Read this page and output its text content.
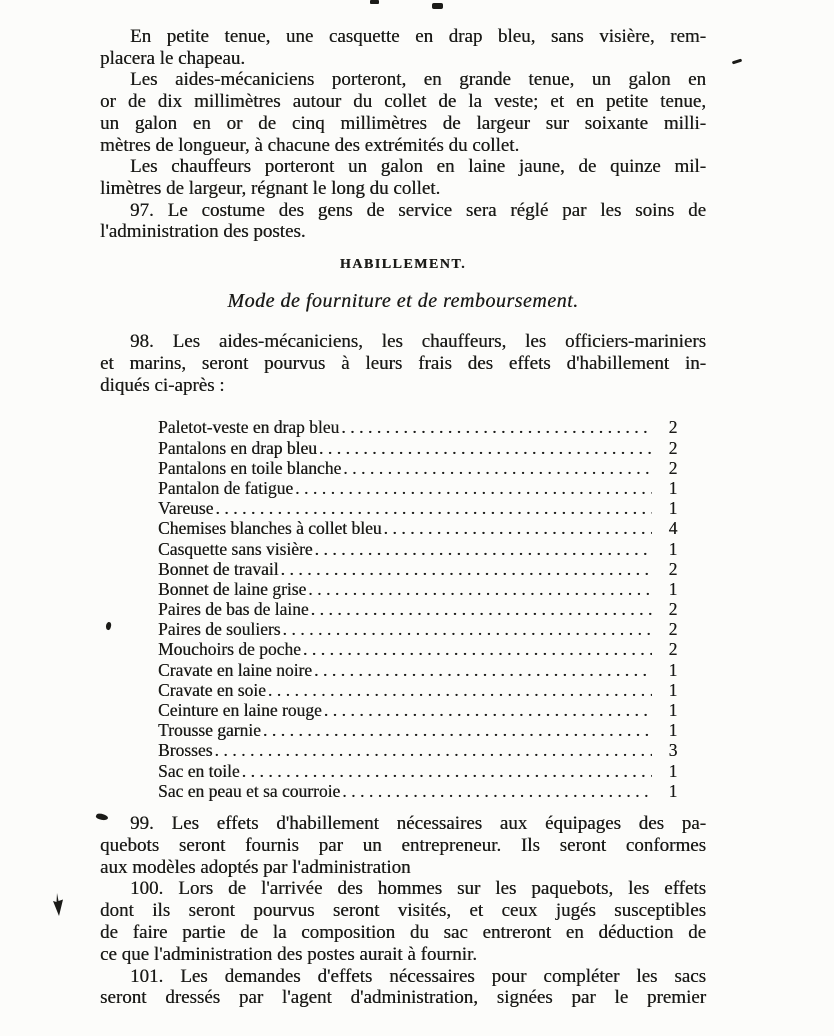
En petite tenue, une casquette en drap bleu, sans visière, rem-
placera le chapeau.
Les aides-mécaniciens porteront, en grande tenue, un galon en
or de dix millimètres autour du collet de la veste; et en petite tenue,
un galon en or de cinq millimètres de largeur sur soixante milli-
mètres de longueur, à chacune des extrémités du collet.
Les chauffeurs porteront un galon en laine jaune, de quinze mil-
limètres de largeur, régnant le long du collet.
97. Le costume des gens de service sera réglé par les soins de
l'administration des postes.
HABILLEMENT.
Mode de fourniture et de remboursement.
98. Les aides-mécaniciens, les chauffeurs, les officiers-mariniers
et marins, seront pourvus à leurs frais des effets d'habillement in-
diqués ci-après :
Paletot-veste en drap bleu .....	2
Pantalons en drap bleu .....	2
Pantalons en toile blanche .....	2
Pantalon de fatigue .....	1
Vareuse .....	1
Chemises blanches à collet bleu .....	4
Casquette sans visière .....	1
Bonnet de travail .....	2
Bonnet de laine grise .....	1
Paires de bas de laine .....	2
Paires de souliers .....	2
Mouchoirs de poche .....	2
Cravate en laine noire .....	1
Cravate en soie .....	1
Ceinture en laine rouge .....	1
Trousse garnie .....	1
Brosses .....	3
Sac en toile .....	1
Sac en peau et sa courroie .....	1
99. Les effets d'habillement nécessaires aux équipages des pa-
quebots seront fournis par un entrepreneur. Ils seront conformes
aux modèles adoptés par l'administration
100. Lors de l'arrivée des hommes sur les paquebots, les effets
dont ils seront pourvus seront visités, et ceux jugés susceptibles
de faire partie de la composition du sac entreront en déduction de
ce que l'administration des postes aurait à fournir.
101. Les demandes d'effets nécessaires pour compléter les sacs
seront dressés par l'agent d'administration, signées par le premier
